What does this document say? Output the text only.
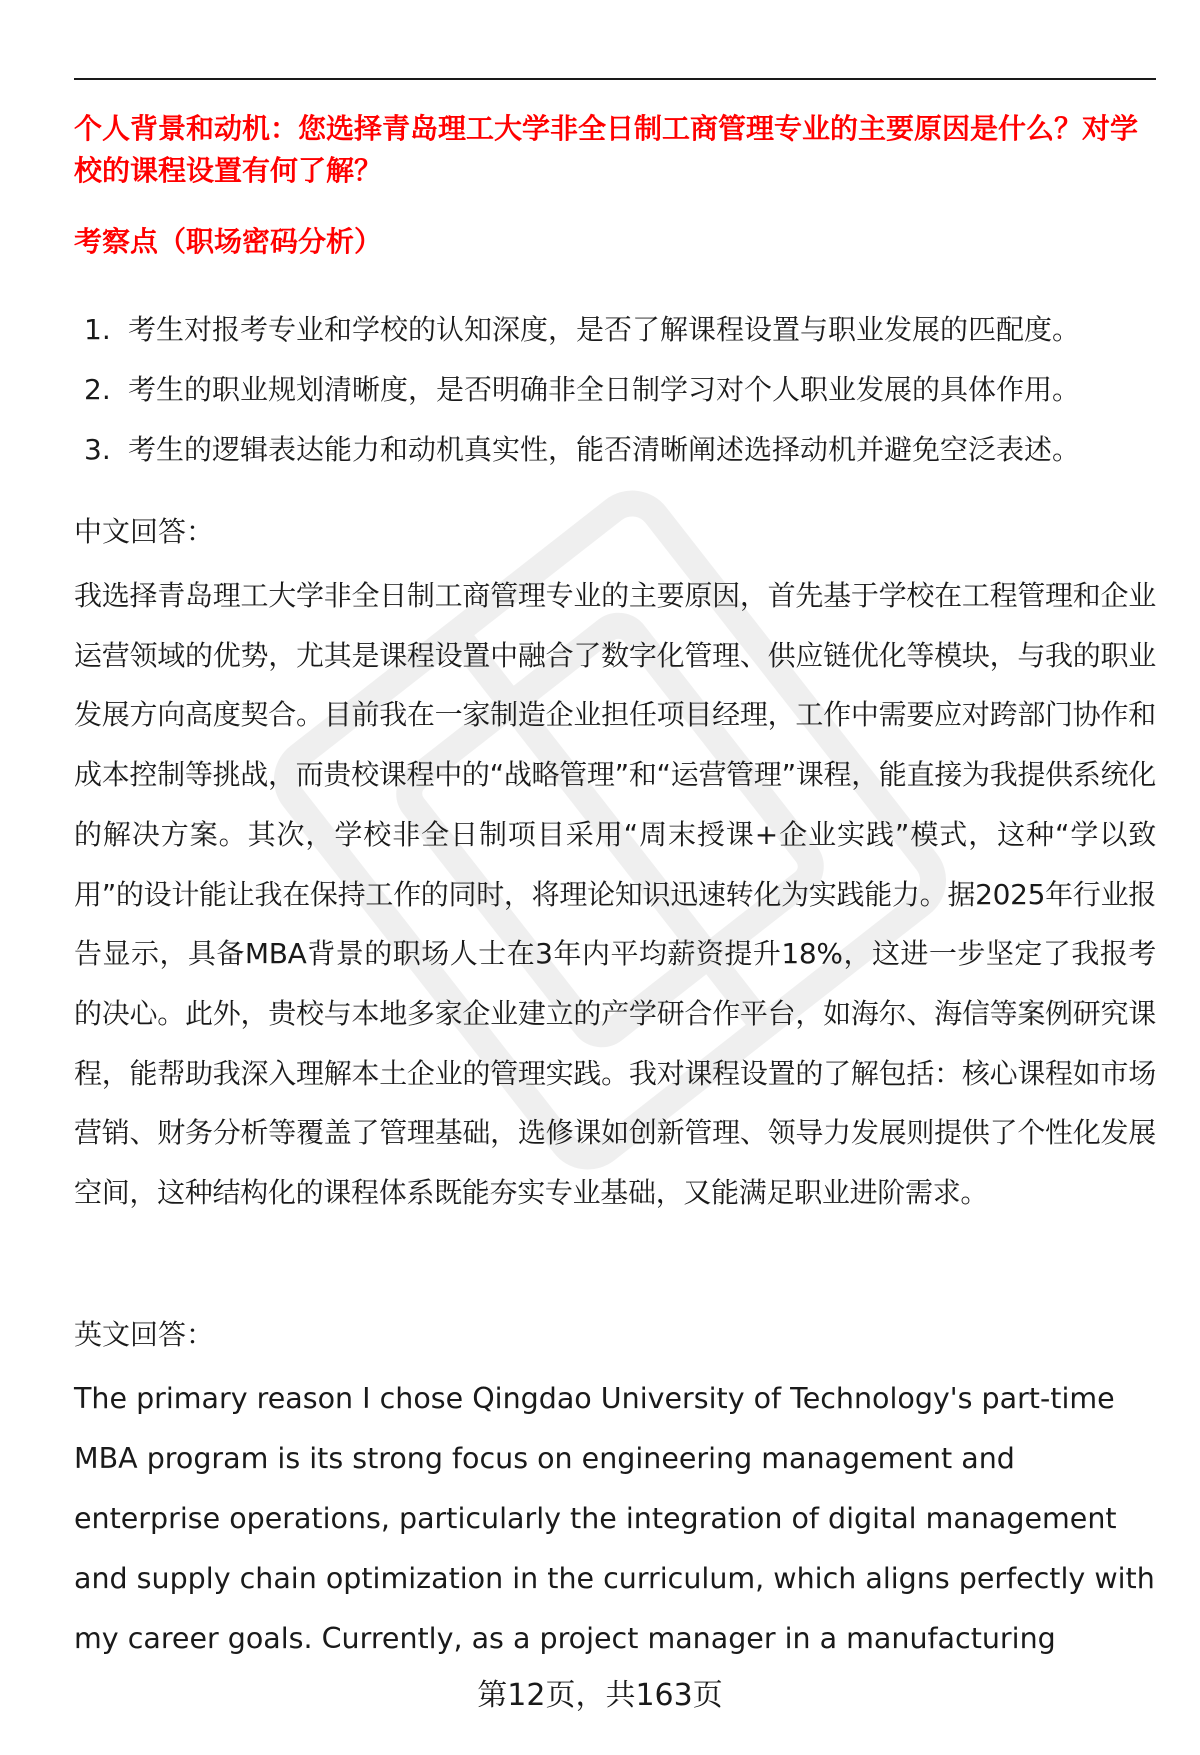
个人背景和动机：您选择青岛理工大学非全日制工商管理专业的主要原因是什么？对学校的课程设置有何了解？

考察点（职场密码分析）

1. 考生对报考专业和学校的认知深度，是否了解课程设置与职业发展的匹配度。
2. 考生的职业规划清晰度，是否明确非全日制学习对个人职业发展的具体作用。
3. 考生的逻辑表达能力和动机真实性，能否清晰阐述选择动机并避免空泛表述。

中文回答：

我选择青岛理工大学非全日制工商管理专业的主要原因，首先基于学校在工程管理和企业运营领域的优势，尤其是课程设置中融合了数字化管理、供应链优化等模块，与我的职业发展方向高度契合。目前我在一家制造企业担任项目经理，工作中需要应对跨部门协作和成本控制等挑战，而贵校课程中的“战略管理”和“运营管理”课程，能直接为我提供系统化的解决方案。其次，学校非全日制项目采用“周末授课+企业实践”模式，这种“学以致用”的设计能让我在保持工作的同时，将理论知识迅速转化为实践能力。据2025年行业报告显示，具备MBA背景的职场人士在3年内平均薪资提升18%，这进一步坚定了我报考的决心。此外，贵校与本地多家企业建立的产学研合作平台，如海尔、海信等案例研究课程，能帮助我深入理解本土企业的管理实践。我对课程设置的了解包括：核心课程如市场营销、财务分析等覆盖了管理基础，选修课如创新管理、领导力发展则提供了个性化发展空间，这种结构化的课程体系既能夯实专业基础，又能满足职业进阶需求。

英文回答：

The primary reason I chose Qingdao University of Technology's part-time MBA program is its strong focus on engineering management and enterprise operations, particularly the integration of digital management and supply chain optimization in the curriculum, which aligns perfectly with my career goals. Currently, as a project manager in a manufacturing

第12页，共163页
